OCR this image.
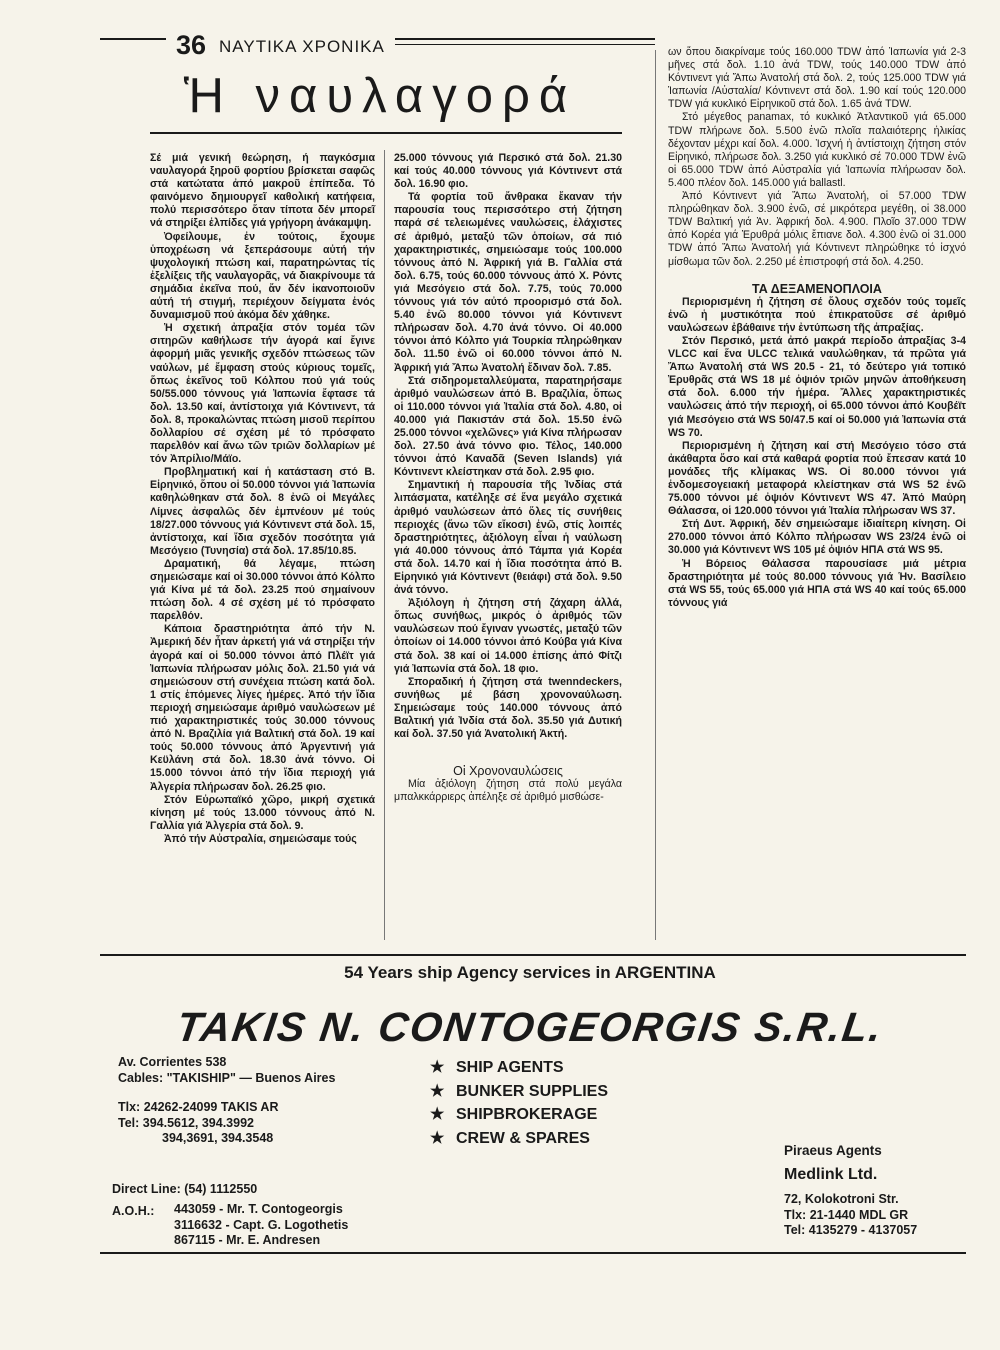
36 ΝΑΥΤΙΚΑ ΧΡΟΝΙΚΑ
Ἡ ναυλαγορά

Σέ μιά γενική θεώρηση, ή παγκόσμια ναυλαγορά ξηροῦ φορτίου βρίσκεται σαφῶς στά κατώτατα ἀπό μακροῦ ἐπίπεδα. Τό φαινόμενο δημιουργεῖ καθολική κατήφεια, πολύ περισσότερο ὅταν τίποτα δέν μπορεῖ νά στηρίξει ἐλπίδες γιά γρήγορη ἀνάκαμψη.

Ὀφείλουμε, ἐν τούτοις, ἔχουμε ὑποχρέωση νά ξεπεράσουμε αὐτή τήν ψυχολογική πτώση καί, παρατηρώντας τίς ἐξελίξεις τῆς ναυλαγορᾶς, νά διακρίνουμε τά σημάδια ἐκεῖνα πού, ἄν δέν ἱκανοποιοῦν αὐτή τή στιγμή, περιέχουν δείγματα ἑνός δυναμισμοῦ πού ἀκόμα δέν χάθηκε.

Ἡ σχετική ἀπραξία στόν τομέα τῶν σιτηρῶν καθήλωσε τήν ἀγορά καί ἔγινε ἀφορμή μιᾶς γενικῆς σχεδόν πτώσεως τῶν ναύλων, μέ ἔμφαση στούς κύριους τομεῖς, ὅπως ἐκεῖνος τοῦ Κόλπου πού γιά τούς 50/55.000 τόννους γιά Ἰαπωνία ἔφτασε τά δολ. 13.50 καί, ἀντίστοιχα γιά Κόντινεντ, τά δολ. 8, προκαλώντας πτώση μισοῦ περίπου δολλαρίου σέ σχέση μέ τό πρόσφατο παρελθόν καί ἄνω τῶν τριῶν δολλαρίων μέ τόν Ἀπρίλιο/Μάϊο.

Προβληματική καί ἡ κατάσταση στό Β. Εἰρηνικό, ὅπου οἱ 50.000 τόννοι γιά Ἰαπωνία καθηλώθηκαν στά δολ. 8 ἐνῶ οἱ Μεγάλες Λίμνες ἀσφαλῶς δέν ἐμπνέουν μέ τούς 18/27.000 τόννους γιά Κόντινεντ στά δολ. 15, ἀντίστοιχα, καί ἴδια σχεδόν ποσότητα γιά Μεσόγειο (Τυνησία) στά δολ. 17.85/10.85.

Δραματική, θά λέγαμε, πτώση σημειώσαμε καί οἱ 30.000 τόννοι ἀπό Κόλπο γιά Κίνα μέ τά δολ. 23.25 πού σημαίνουν πτώση δολ. 4 σέ σχέση μέ τό πρόσφατο παρελθόν.

Κάποια δραστηριότητα ἀπό τήν Ν. Ἀμερική δέν ἦταν ἀρκετή γιά νά στηρίξει τήν ἀγορά καί οἱ 50.000 τόννοι ἀπό Πλέϊτ γιά Ἰαπωνία πλήρωσαν μόλις δολ. 21.50 γιά νά σημειώσουν στή συνέχεια πτώση κατά δολ. 1 στίς ἑπόμενες λίγες ἡμέρες. Ἀπό τήν ἴδια περιοχή σημειώσαμε ἀριθμό ναυλώσεων μέ πιό χαρακτηριστικές τούς 30.000 τόννους ἀπό Ν. Βραζιλία γιά Βαλτική στά δολ. 19 καί τούς 50.000 τόννους ἀπό Ἀργεντινή γιά Κεϋλάνη στά δολ. 18.30 ἀνά τόννο. Οἱ 15.000 τόννοι ἀπό τήν ἴδια περιοχή γιά Ἀλγερία πλήρωσαν δολ. 26.25 φιο.

Στόν Εὐρωπαϊκό χῶρο, μικρή σχετικά κίνηση μέ τούς 13.000 τόννους ἀπό Ν. Γαλλία γιά Ἀλγερία στά δολ. 9.

Ἀπό τήν Αὐστραλία, σημειώσαμε τούς

25.000 τόννους γιά Περσικό στά δολ. 21.30 καί τούς 40.000 τόννους γιά Κόντινεντ στά δολ. 16.90 φιο.

Τά φορτία τοῦ ἄνθρακα ἔκαναν τήν παρουσία τους περισσότερο στή ζήτηση παρά σέ τελειωμένες ναυλώσεις, ἐλάχιστες σέ ἀριθμό, μεταξύ τῶν ὁποίων, σά πιό χαρακτηριστικές, σημειώσαμε τούς 100.000 τόννους ἀπό Ν. Ἀφρική γιά Β. Γαλλία στά δολ. 6.75, τούς 60.000 τόννους ἀπό Χ. Ρόντς γιά Μεσόγειο στά δολ. 7.75, τούς 70.000 τόννους γιά τόν αὐτό προορισμό στά δολ. 5.40 ἐνῶ 80.000 τόννοι γιά Κόντινεντ πλήρωσαν δολ. 4.70 ἀνά τόννο. Οἱ 40.000 τόννοι ἀπό Κόλπο γιά Τουρκία πληρώθηκαν δολ. 11.50 ἐνῶ οἱ 60.000 τόννοι ἀπό Ν. Ἀφρική γιά Ἄπω Ἀνατολή ἔδιναν δολ. 7.85.

Στά σιδηρομεταλλεύματα, παρατηρήσαμε ἀριθμό ναυλώσεων ἀπό Β. Βραζιλία, ὅπως οἱ 110.000 τόννοι γιά Ἰταλία στά δολ. 4.80, οἱ 40.000 γιά Πακιστάν στά δολ. 15.50 ἐνῶ 25.000 τόννοι «χελῶνες» γιά Κίνα πλήρωσαν δολ. 27.50 ἀνά τόννο φιο. Τέλος, 140.000 τόννοι ἀπό Καναδᾶ (Seven Islands) γιά Κόντινεντ κλείστηκαν στά δολ. 2.95 φιο.

Σημαντική ἡ παρουσία τῆς Ἰνδίας στά λιπάσματα, κατέληξε σέ ἕνα μεγάλο σχετικά ἀριθμό ναυλώσεων ἀπό ὅλες τίς συνήθεις περιοχές (ἄνω τῶν εἴκοσι) ἐνῶ, στίς λοιπές δραστηριότητες, ἀξιόλογη εἶναι ἡ ναύλωση γιά 40.000 τόννους ἀπό Τάμπα γιά Κορέα στά δολ. 14.70 καί ἡ ἴδια ποσότητα ἀπό Β. Εἰρηνικό γιά Κόντινεντ (θειάφι) στά δολ. 9.50 ἀνά τόννο.

Ἀξιόλογη ἡ ζήτηση στή ζάχαρη ἀλλά, ὅπως συνήθως, μικρός ὁ ἀριθμός τῶν ναυλώσεων πού ἔγιναν γνωστές, μεταξύ τῶν ὁποίων οἱ 14.000 τόννοι ἀπό Κούβα γιά Κίνα στά δολ. 38 καί οἱ 14.000 ἐπίσης ἀπό Φίτζι γιά Ἰαπωνία στά δολ. 18 φιο.

Σποραδική ἡ ζήτηση στά twenndeckers, συνήθως μέ βάση χρονοναύλωση. Σημειώσαμε τούς 140.000 τόννους ἀπό Βαλτική γιά Ἰνδία στά δολ. 35.50 γιά Δυτική καί δολ. 37.50 γιά Ἀνατολική Ἀκτή.

Οἱ Χρονοναυλώσεις

Μία ἀξιόλογη ζήτηση στά πολύ μεγάλα μπαλκκάρριερς ἀπέληξε σέ ἀριθμό μισθώσε-

ων ὅπου διακρίναμε τούς 160.000 TDW ἀπό Ἰαπωνία γιά 2-3 μῆνες στά δολ. 1.10 ἀνά TDW, τούς 140.000 TDW ἀπό Κόντινεντ γιά Ἄπω Ἀνατολή στά δολ. 2, τούς 125.000 TDW γιά Ἰαπωνία /Αὐσταλία/ Κόντινεντ στά δολ. 1.90 καί τούς 120.000 TDW γιά κυκλικό Εἰρηνικοῦ στά δολ. 1.65 ἀνά TDW.

Στό μέγεθος panamax, τό κυκλικό Ἀτλαντικοῦ γιά 65.000 TDW πλήρωνε δολ. 5.500 ἐνῶ πλοῖα παλαιότερης ἡλικίας δέχονταν μέχρι καί δολ. 4.000. Ἰσχνή ἡ ἀντίστοιχη ζήτηση στόν Εἰρηνικό, πλήρωσε δολ. 3.250 γιά κυκλικό σέ 70.000 TDW ἐνῶ οἱ 65.000 TDW ἀπό Αὐστραλία γιά Ἰαπωνία πλήρωσαν δολ. 5.400 πλέον δολ. 145.000 γιά ballastl.

Ἀπό Κόντινεντ γιά Ἄπω Ἀνατολή, οἱ 57.000 TDW πληρώθηκαν δολ. 3.900 ἐνῶ, σέ μικρότερα μεγέθη, οἱ 38.000 TDW Βαλτική γιά Ἀν. Ἀφρική δολ. 4.900. Πλοῖο 37.000 TDW ἀπό Κορέα γιά Ἐρυθρά μόλις ἔπιανε δολ. 4.300 ἐνῶ οἱ 31.000 TDW ἀπό Ἄπω Ἀνατολή γιά Κόντινεντ πληρώθηκε τό ἰσχνό μίσθωμα τῶν δολ. 2.250 μέ ἐπιστροφή στά δολ. 4.250.

ΤΑ ΔΕΞΑΜΕΝΟΠΛΟΙΑ

Περιορισμένη ἡ ζήτηση σέ ὅλους σχεδόν τούς τομεῖς ἐνῶ ἡ μυστικότητα πού ἐπικρατοῦσε σέ ἀριθμό ναυλώσεων ἐβάθαινε τήν ἐντύπωση τῆς ἀπραξίας.

Στόν Περσικό, μετά ἀπό μακρά περίοδο ἀπραξίας 3-4 VLCC καί ἕνα ULCC τελικά ναυλώθηκαν, τά πρῶτα γιά Ἄπω Ἀνατολή στά WS 20.5 - 21, τό δεύτερο γιά τοπικό Ἐρυθρᾶς στά WS 18 μέ ὀψιόν τριῶν μηνῶν ἀποθήκευση στά δολ. 6.000 τήν ἡμέρα. Ἄλλες χαρακτηριστικές ναυλώσεις ἀπό τήν περιοχή, οἱ 65.000 τόννοι ἀπό Κουβέϊτ γιά Μεσόγειο στά WS 50/47.5 καί οἱ 50.000 γιά Ἰαπωνία στά WS 70.

Περιορισμένη ἡ ζήτηση καί στή Μεσόγειο τόσο στά ἀκάθαρτα ὅσο καί στά καθαρά φορτία πού ἔπεσαν κατά 10 μονάδες τῆς κλίμακας WS. Οἱ 80.000 τόννοι γιά ἐνδομεσογειακή μεταφορά κλείστηκαν στά WS 52 ἐνῶ 75.000 τόννοι μέ ὀψιόν Κόντινεντ WS 47. Ἀπό Μαύρη Θάλασσα, οἱ 120.000 τόννοι γιά Ἰταλία πλήρωσαν WS 37.

Στή Δυτ. Ἀφρική, δέν σημειώσαμε ἰδιαίτερη κίνηση. Οἱ 270.000 τόννοι ἀπό Κόλπο πλήρωσαν WS 23/24 ἐνῶ οἱ 30.000 γιά Κόντινεντ WS 105 μέ ὀψιόν ΗΠΑ στά WS 95.

Ἡ Βόρειος Θάλασσα παρουσίασε μιά μέτρια δραστηριότητα μέ τούς 80.000 τόννους γιά Ἡν. Βασίλειο στά WS 55, τούς 65.000 γιά ΗΠΑ στά WS 40 καί τούς 65.000 τόννους γιά

54 Years ship Agency services in ARGENTINA
TAKIS N. CONTOGEORGIS S.R.L.
Av. Corrientes 538
Cables: "TAKISHIP" — Buenos Aires
Tlx: 24262-24099 TAKIS AR
Tel: 394.5612, 394.3992
394,3691, 394.3548
★ SHIP AGENTS
★ BUNKER SUPPLIES
★ SHIPBROKERAGE
★ CREW & SPARES
Direct Line: (54) 1112550
A.O.H.: 443059 - Mr. T. Contogeorgis
3116632 - Capt. G. Logothetis
867115 - Mr. E. Andresen
Piraeus Agents
Medlink Ltd.
72, Kolokotroni Str.
Tlx: 21-1440 MDL GR
Tel: 4135279 - 4137057
